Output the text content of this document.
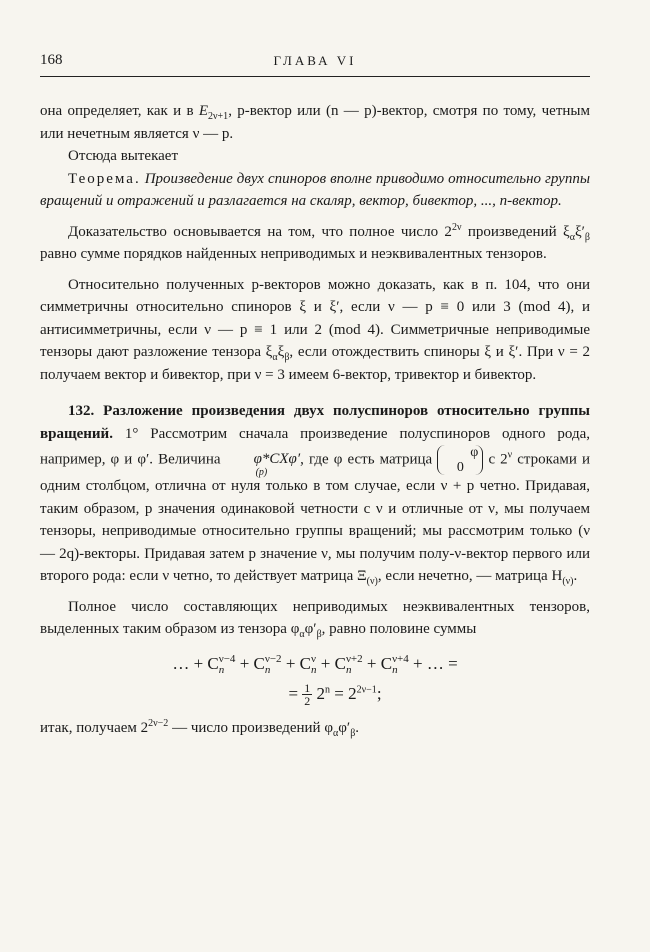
168	ГЛАВА VI

она определяет, как и в $E_{2\nu+1}$, p-вектор или (n — p)-вектор, смотря по тому, четным или нечетным является ν — p.

Отсюда вытекает

Теорема. Произведение двух спиноров вполне приводимо относительно группы вращений и отражений и разлагается на скаляр, вектор, бивектор, ..., n-вектор.

Доказательство основывается на том, что полное число $2^{2\nu}$ произведений $\xi_\alpha\xi'_\beta$ равно сумме порядков найденных неприводимых и неэквивалентных тензоров.

Относительно полученных p-векторов можно доказать, как в п. 104, что они симметричны относительно спиноров ξ и ξ′, если ν — p ≡ 0 или 3 (mod 4), и антисимметричны, если ν — p ≡ 1 или 2 (mod 4). Симметричные неприводимые тензоры дают разложение тензора $\xi_\alpha\xi_\beta$, если отождествить спиноры ξ и ξ′. При ν = 2 получаем вектор и бивектор, при ν = 3 имеем 6-вектор, тривектор и бивектор.

132. Разложение произведения двух полуспиноров относительно группы вращений. 1° Рассмотрим сначала произведение полуспиноров одного рода, например, φ и φ′. Величина φ*CXφ′
(p)
, где φ есть матрица φ
0 с $2^\nu$ строками и одним столбцом, отлична от нуля только в том случае, если ν + p четно. Придавая, таким образом, p значения одинаковой четности с ν и отличные от ν, мы получаем тензоры, неприводимые относительно группы вращений; мы рассмотрим только (ν — 2q)-векторы. Придавая затем p значение ν, мы получим полу-ν-вектор первого или второго рода: если ν четно, то действует матрица $\Xi_{(\nu)}$, если нечетно, — матрица $H_{(\nu)}$.

Полное число составляющих неприводимых неэквивалентных тензоров, выделенных таким образом из тензора $\varphi_\alpha\varphi'_\beta$, равно половине суммы

… + C ν−4
n + C ν−2
n + C ν
n + C ν+2
n + C ν+4
n + … =
= $\frac{1}{2} 2^n = 2^{2\nu-1}$;

итак, получаем $2^{2\nu-2}$ — число произведений $\varphi_\alpha\varphi'_\beta$.
